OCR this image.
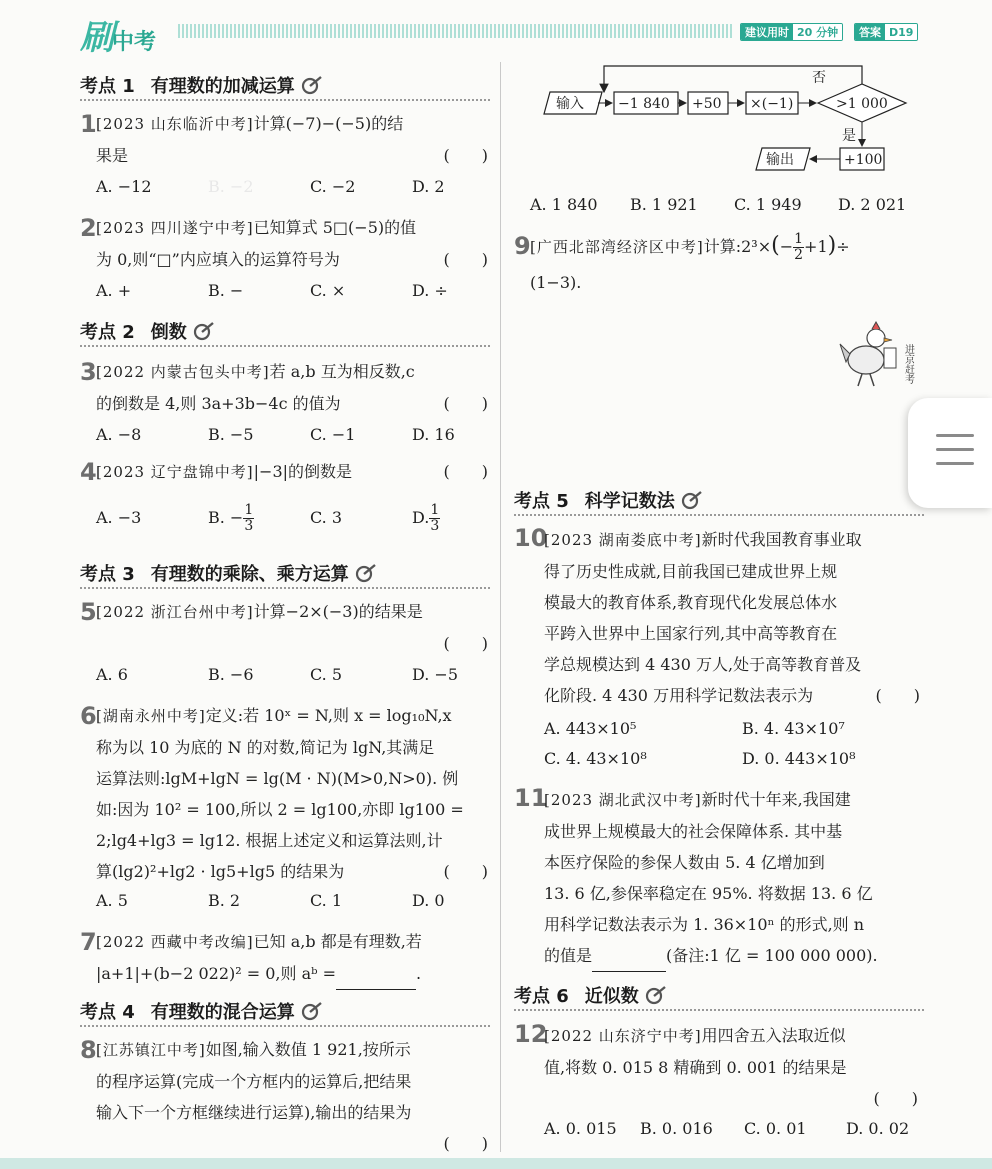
刷中考	建议用时 20 分钟	答案 D19
考点 1 有理数的加减运算
1 [2023 山东临沂中考]计算(−7)−(−5)的结
果是	(　　)
A. −12	B. −2	C. −2	D. 2
2 [2023 四川遂宁中考]已知算式 5□(−5)的值
为 0,则“□”内应填入的运算符号为	(　　)
A. +	B. −	C. ×	D. ÷
考点 2 倒数
3 [2022 内蒙古包头中考]若 a,b 互为相反数,c
的倒数是 4,则 3a+3b−4c 的值为	(　　)
A. −8	B. −5	C. −1	D. 16
4 [2023 辽宁盘锦中考]|−3|的倒数是	(　　)
A. −3	B. − $\frac{1}{3}$	C. 3	D. $\frac{1}{3}$
考点 3 有理数的乘除、乘方运算
5 [2022 浙江台州中考]计算−2×(−3)的结果是
(　　)
A. 6	B. −6	C. 5	D. −5
6 [湖南永州中考]定义:若 10ˣ = N,则 x = log₁₀N,x
称为以 10 为底的 N 的对数,简记为 lgN,其满足
运算法则:lgM+lgN = lg(M · N)(M>0,N>0). 例
如:因为 10² = 100,所以 2 = lg100,亦即 lg100 =
2;lg4+lg3 = lg12. 根据上述定义和运算法则,计
算(lg2)²+lg2 · lg5+lg5 的结果为	(　　)
A. 5	B. 2	C. 1	D. 0
7 [2022 西藏中考改编]已知 a,b 都是有理数,若
|a+1|+(b−2 022)² = 0,则 aᵇ =	.
考点 4 有理数的混合运算
8 [江苏镇江中考]如图,输入数值 1 921,按所示
的程序运算(完成一个方框内的运算后,把结果
输入下一个方框继续进行运算),输出的结果为
(　　)
输入 −1 840 +50 ×(−1)	>1 000
否
是
+100
输出
A. 1 840	B. 1 921	C. 1 949	D. 2 021
9 [广西北部湾经济区中考]计算:2³×(− $\frac{1}{2} +1)\div$
(1−3).
进京赶考
考点 5 科学记数法
10
[2023 湖南娄底中考]新时代我国教育事业取
得了历史性成就,目前我国已建成世界上规
模最大的教育体系,教育现代化发展总体水
平跨入世界中上国家行列,其中高等教育在
学总规模达到 4 430 万人,处于高等教育普及
化阶段. 4 430 万用科学记数法表示为	(　　)
A. 443×10⁵	B. 4. 43×10⁷
C. 4. 43×10⁸	D. 0. 443×10⁸
11
[2023 湖北武汉中考]新时代十年来,我国建
成世界上规模最大的社会保障体系. 其中基
本医疗保险的参保人数由 5. 4 亿增加到
13. 6 亿,参保率稳定在 95%. 将数据 13. 6 亿
用科学记数法表示为 1. 36×10ⁿ 的形式,则 n
的值是	(备注:1 亿 = 100 000 000).
考点 6 近似数
12
[2022 山东济宁中考]用四舍五入法取近似
值,将数 0. 015 8 精确到 0. 001 的结果是
(　　)
A. 0. 015	B. 0. 016	C. 0. 01	D. 0. 02
